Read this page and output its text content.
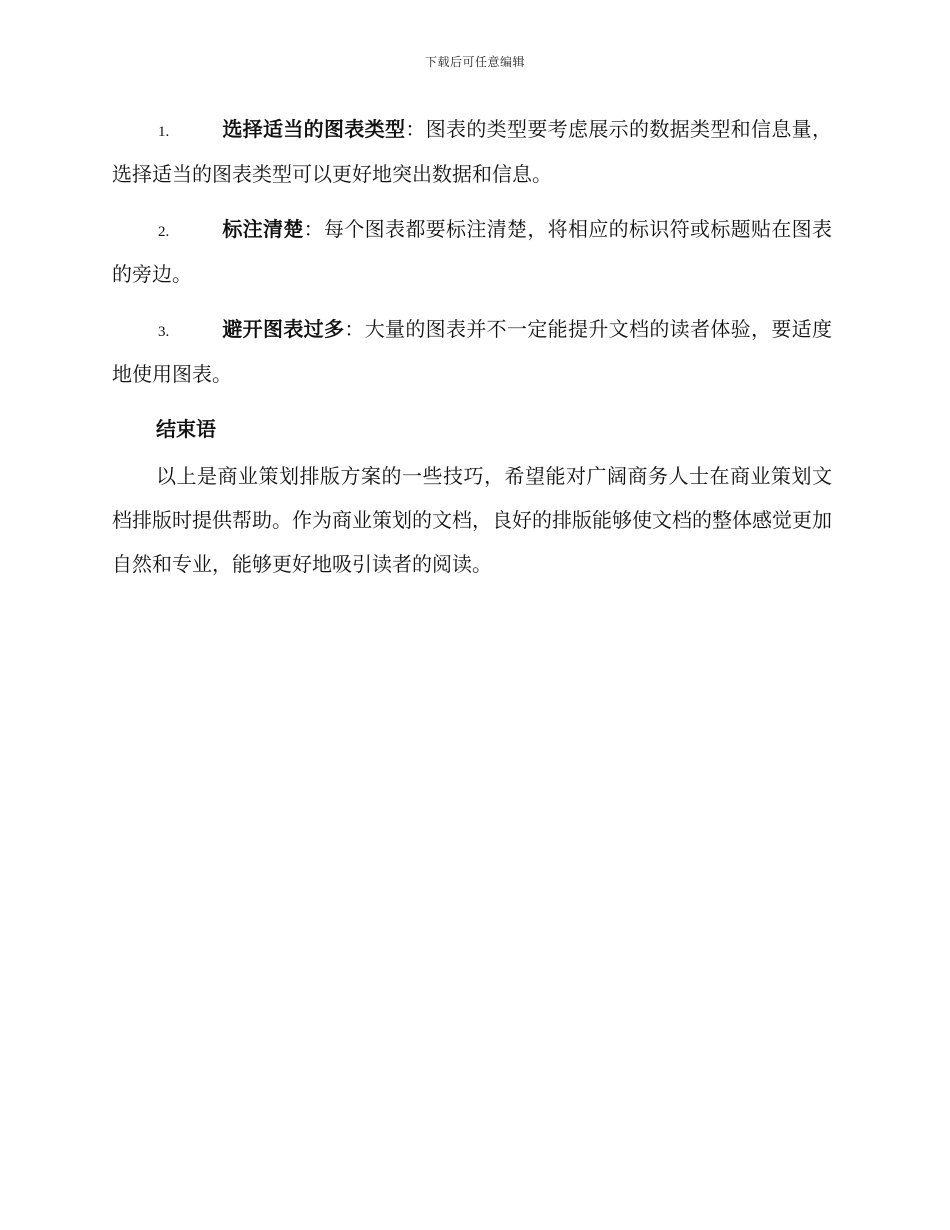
下载后可任意编辑

1.	选择适当的图表类型：图表的类型要考虑展示的数据类型和信息量，选择适当的图表类型可以更好地突出数据和信息。

2.	标注清楚：每个图表都要标注清楚，将相应的标识符或标题贴在图表的旁边。

3.	避开图表过多：大量的图表并不一定能提升文档的读者体验，要适度地使用图表。

结束语

以上是商业策划排版方案的一些技巧，希望能对广阔商务人士在商业策划文档排版时提供帮助。作为商业策划的文档，良好的排版能够使文档的整体感觉更加自然和专业，能够更好地吸引读者的阅读。
